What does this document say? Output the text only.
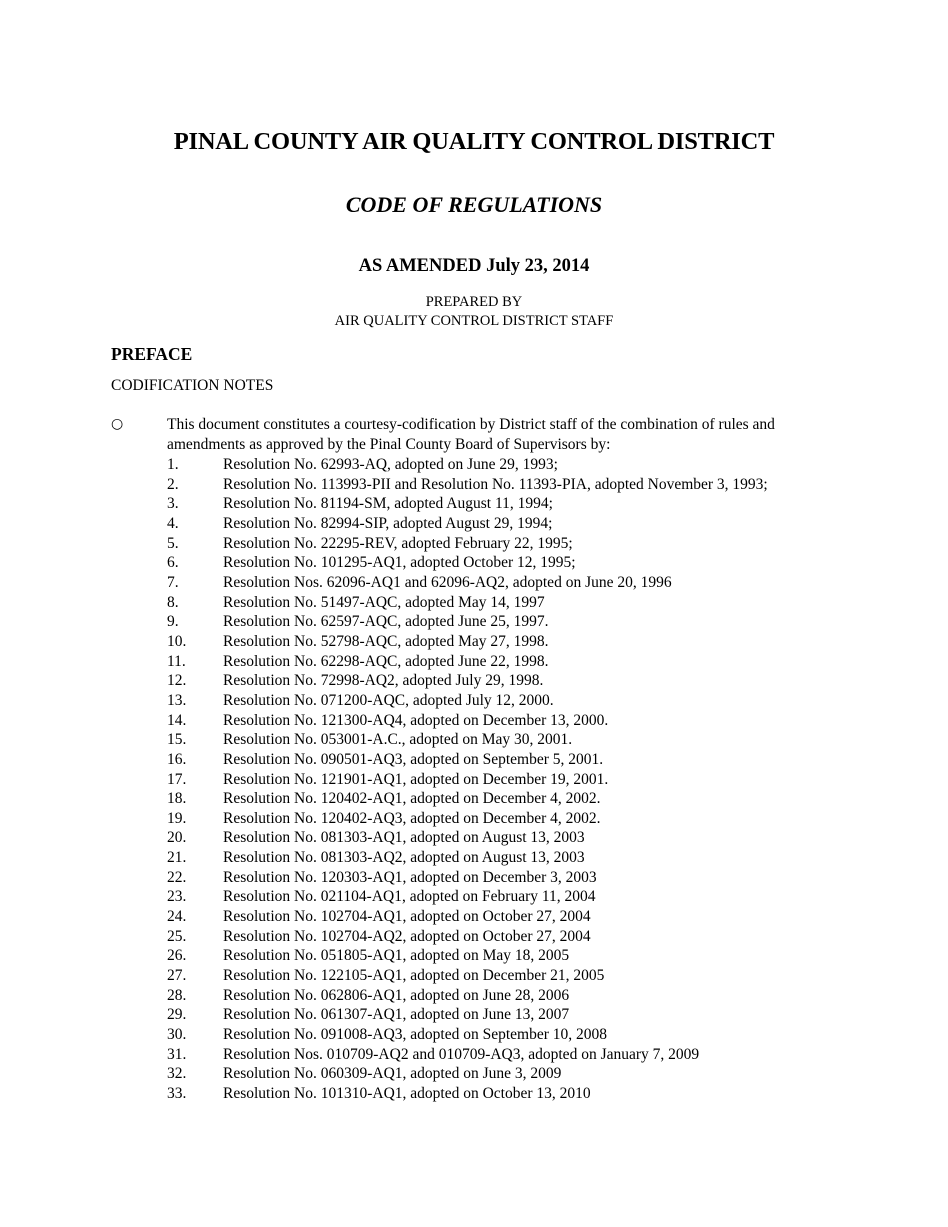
PINAL COUNTY AIR QUALITY CONTROL DISTRICT
CODE OF REGULATIONS
AS AMENDED July 23, 2014
PREPARED BY
AIR QUALITY CONTROL DISTRICT STAFF
PREFACE
CODIFICATION NOTES
○	This document constitutes a courtesy-codification by District staff of the combination of rules and amendments as approved by the Pinal County Board of Supervisors by:

1.	Resolution No. 62993-AQ, adopted on June 29, 1993;
2.	Resolution No. 113993-PII and Resolution No. 11393-PIA, adopted November 3, 1993;
3.	Resolution No. 81194-SM, adopted August 11, 1994;
4.	Resolution No. 82994-SIP, adopted August 29, 1994;
5.	Resolution No. 22295-REV, adopted February 22, 1995;
6.	Resolution No. 101295-AQ1, adopted October 12, 1995;
7.	Resolution Nos. 62096-AQ1 and 62096-AQ2, adopted on June 20, 1996
8.	Resolution No. 51497-AQC, adopted May 14, 1997
9.	Resolution No. 62597-AQC, adopted June 25, 1997.
10. Resolution No. 52798-AQC, adopted May 27, 1998.
11. Resolution No. 62298-AQC, adopted June 22, 1998.
12. Resolution No. 72998-AQ2, adopted July 29, 1998.
13. Resolution No. 071200-AQC, adopted July 12, 2000.
14. Resolution No. 121300-AQ4, adopted on December 13, 2000.
15. Resolution No. 053001-A.C., adopted on May 30, 2001.
16. Resolution No. 090501-AQ3, adopted on September 5, 2001.
17. Resolution No. 121901-AQ1, adopted on December 19, 2001.
18. Resolution No. 120402-AQ1, adopted on December 4, 2002.
19. Resolution No. 120402-AQ3, adopted on December 4, 2002.
20. Resolution No. 081303-AQ1, adopted on August 13, 2003
21. Resolution No. 081303-AQ2, adopted on August 13, 2003
22. Resolution No. 120303-AQ1, adopted on December 3, 2003
23. Resolution No. 021104-AQ1, adopted on February 11, 2004
24. Resolution No. 102704-AQ1, adopted on October 27, 2004
25. Resolution No. 102704-AQ2, adopted on October 27, 2004
26. Resolution No. 051805-AQ1, adopted on May 18, 2005
27. Resolution No. 122105-AQ1, adopted on December 21, 2005
28. Resolution No. 062806-AQ1, adopted on June 28, 2006
29. Resolution No. 061307-AQ1, adopted on June 13, 2007
30. Resolution No. 091008-AQ3, adopted on September 10, 2008
31. Resolution Nos. 010709-AQ2 and 010709-AQ3, adopted on January 7, 2009
32. Resolution No. 060309-AQ1, adopted on June 3, 2009
33. Resolution No. 101310-AQ1, adopted on October 13, 2010
